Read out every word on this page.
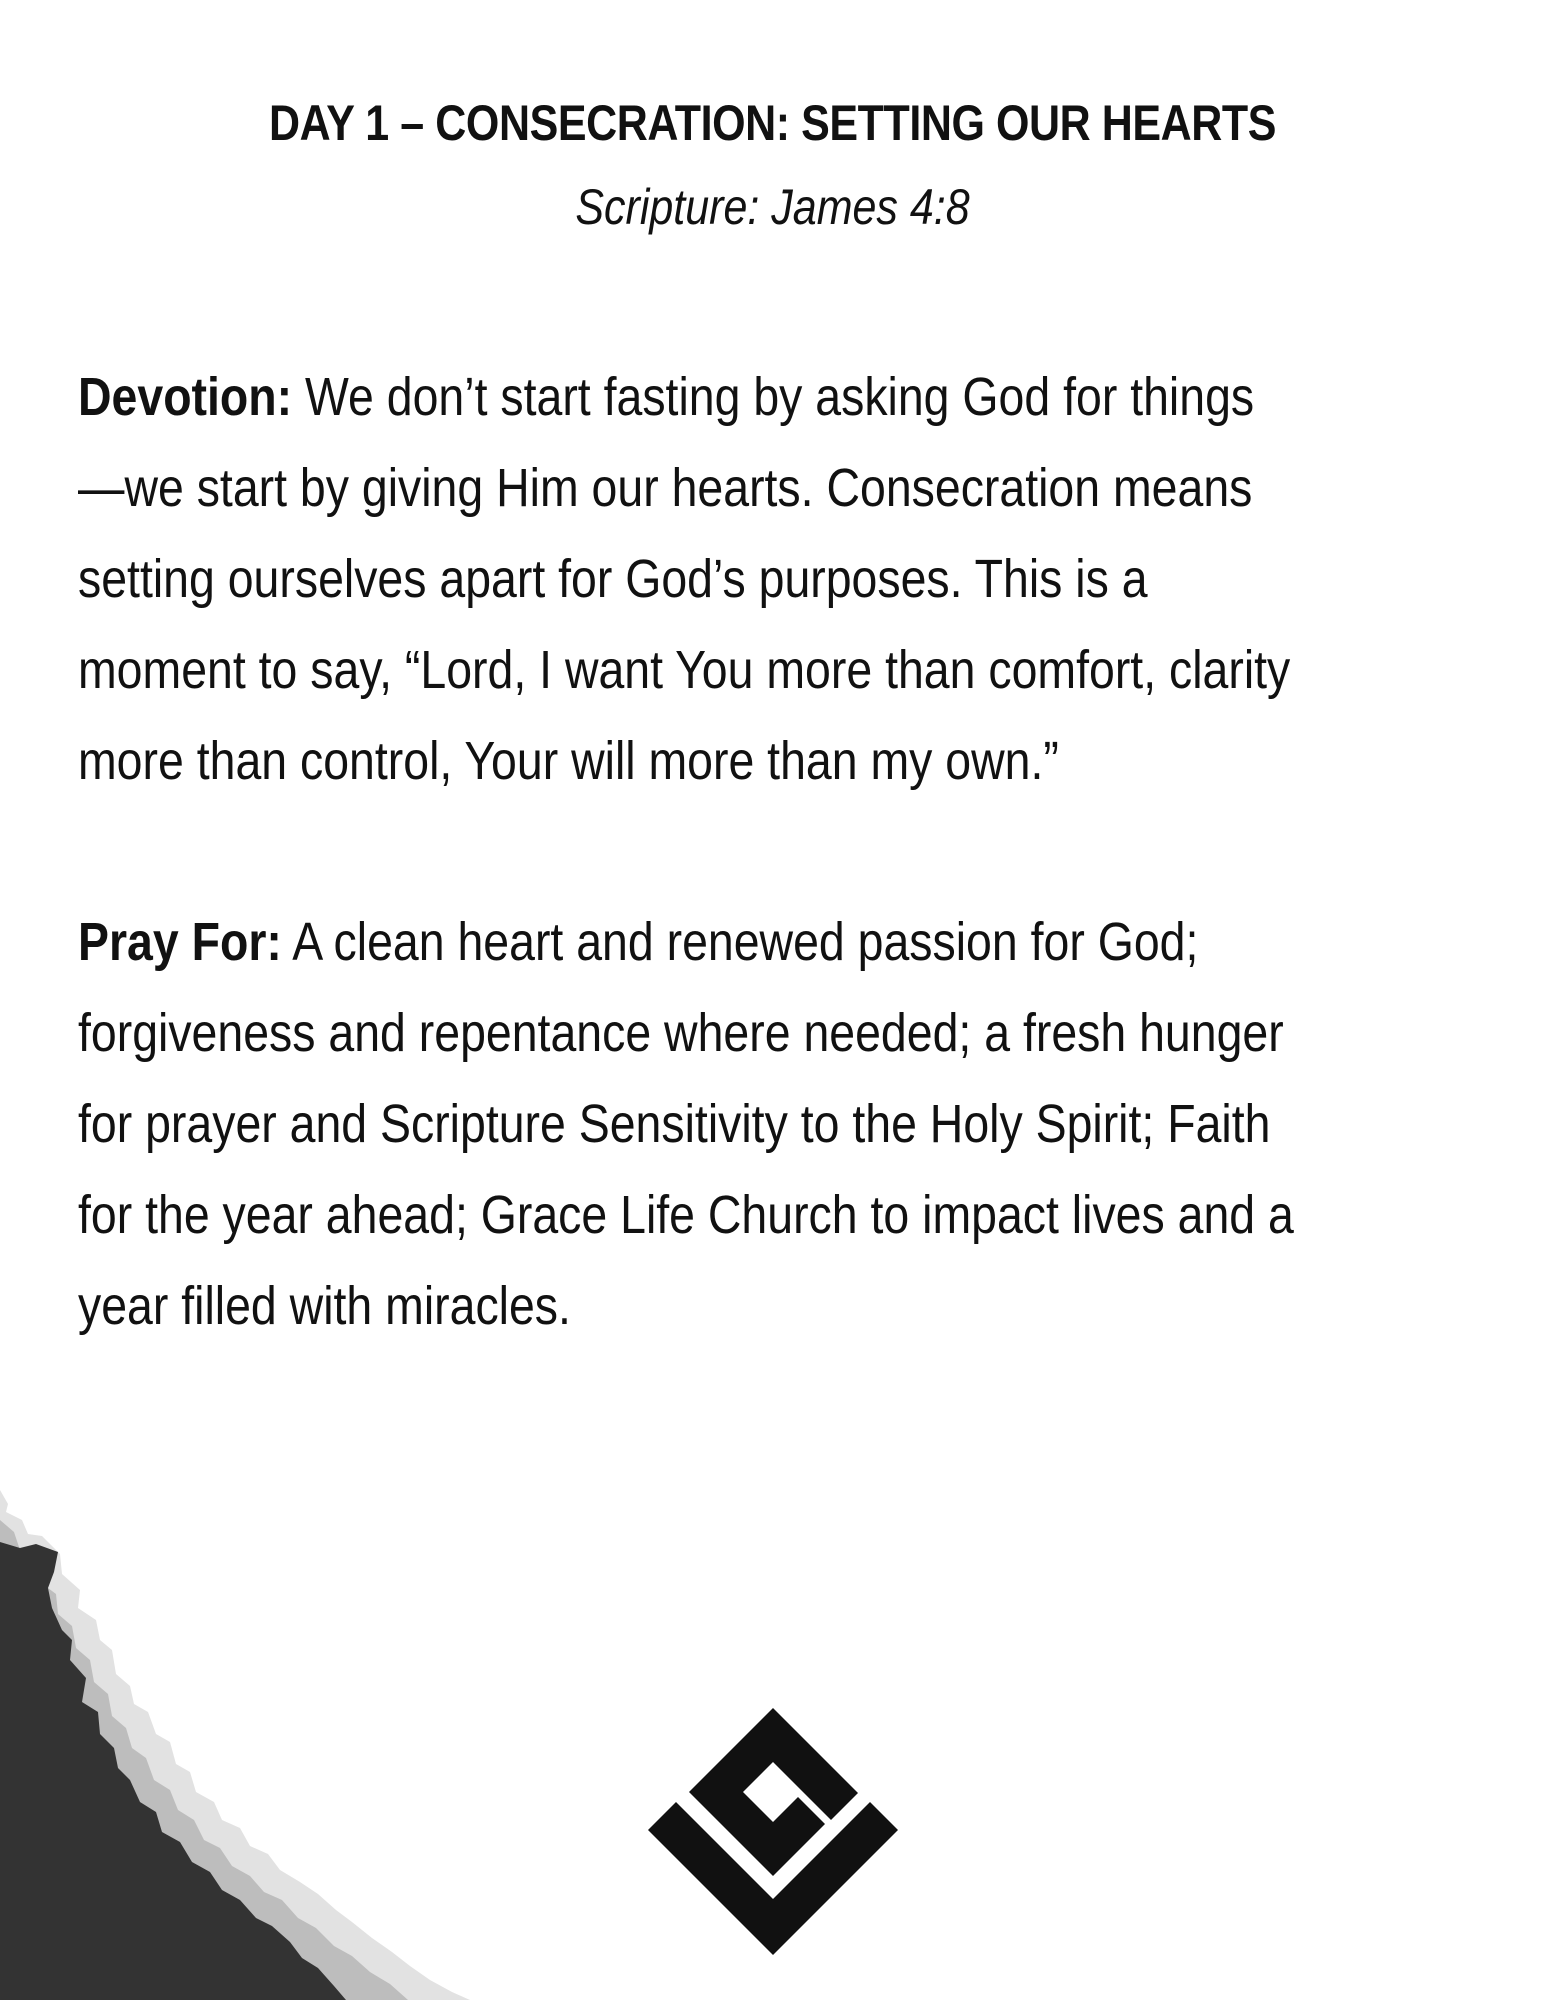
DAY 1 – CONSECRATION: SETTING OUR HEARTS

Scripture: James 4:8

Devotion: We don’t start fasting by asking God for things—we start by giving Him our hearts. Consecration means setting ourselves apart for God’s purposes. This is a moment to say, “Lord, I want You more than comfort, clarity more than control, Your will more than my own.”

Pray For: A clean heart and renewed passion for God; forgiveness and repentance where needed; a fresh hunger for prayer and Scripture Sensitivity to the Holy Spirit; Faith for the year ahead; Grace Life Church to impact lives and a year filled with miracles.
